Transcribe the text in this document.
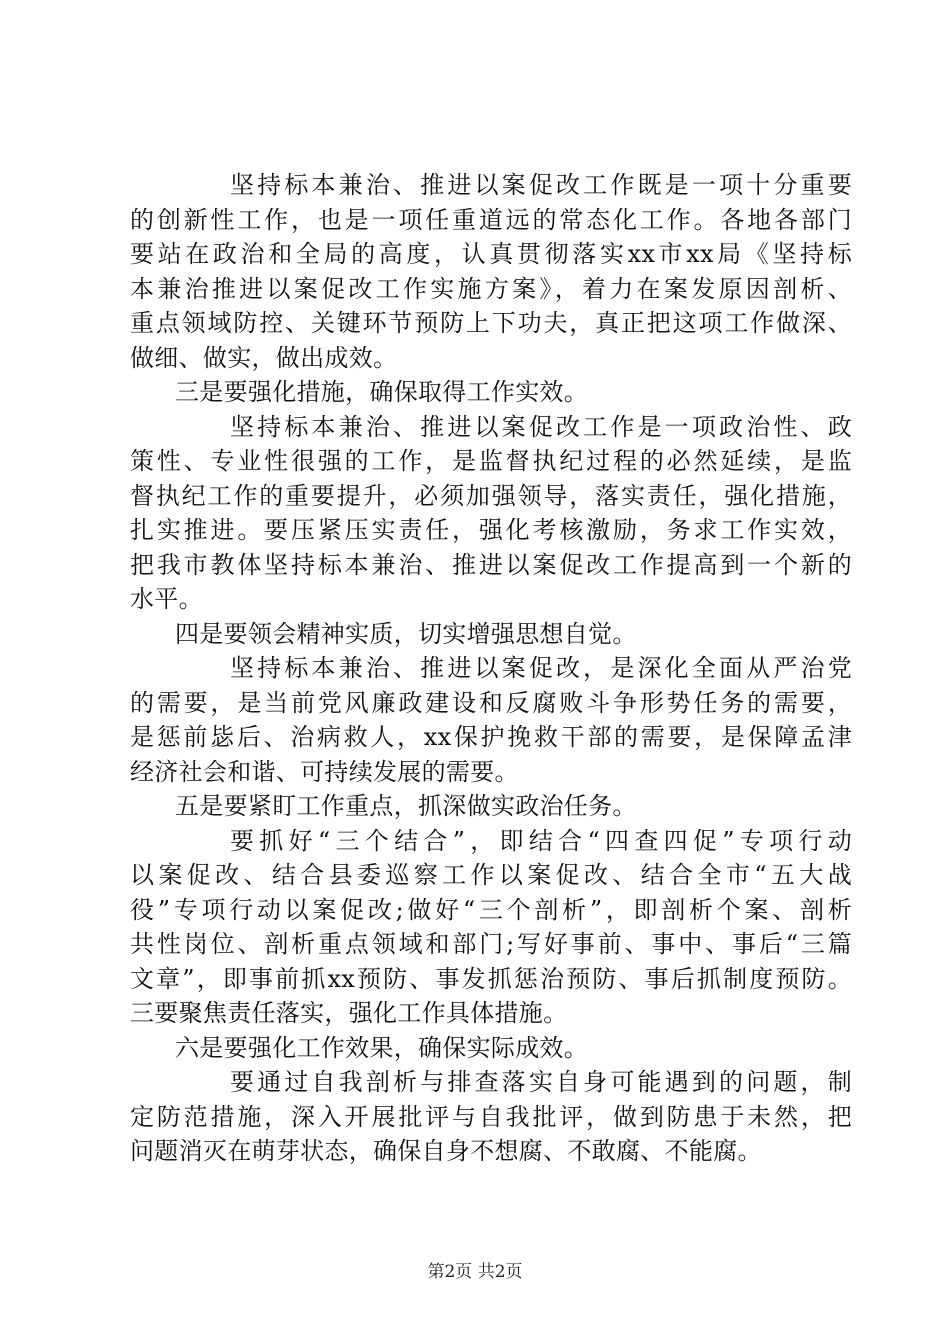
坚持标本兼治、推进以案促改工作既是一项十分重要
的创新性工作，也是一项任重道远的常态化工作。各地各部门
要站在政治和全局的高度，认真贯彻落实xx市xx局《坚持标
本兼治推进以案促改工作实施方案》，着力在案发原因剖析、
重点领域防控、关键环节预防上下功夫，真正把这项工作做深、
做细、做实，做出成效。
三是要强化措施，确保取得工作实效。
坚持标本兼治、推进以案促改工作是一项政治性、政
策性、专业性很强的工作，是监督执纪过程的必然延续，是监
督执纪工作的重要提升，必须加强领导，落实责任，强化措施，
扎实推进。要压紧压实责任，强化考核激励，务求工作实效，
把我市教体坚持标本兼治、推进以案促改工作提高到一个新的
水平。
四是要领会精神实质，切实增强思想自觉。
坚持标本兼治、推进以案促改，是深化全面从严治党
的需要，是当前党风廉政建设和反腐败斗争形势任务的需要，
是惩前毖后、治病救人，xx保护挽救干部的需要，是保障孟津
经济社会和谐、可持续发展的需要。
五是要紧盯工作重点，抓深做实政治任务。
要抓好“三个结合”，即结合“四查四促”专项行动
以案促改、结合县委巡察工作以案促改、结合全市“五大战
役”专项行动以案促改;做好“三个剖析”，即剖析个案、剖析
共性岗位、剖析重点领域和部门;写好事前、事中、事后“三篇
文章”，即事前抓xx预防、事发抓惩治预防、事后抓制度预防。
三要聚焦责任落实，强化工作具体措施。
六是要强化工作效果，确保实际成效。
要通过自我剖析与排查落实自身可能遇到的问题，制
定防范措施，深入开展批评与自我批评，做到防患于未然，把
问题消灭在萌芽状态，确保自身不想腐、不敢腐、不能腐。
第2页 共2页
